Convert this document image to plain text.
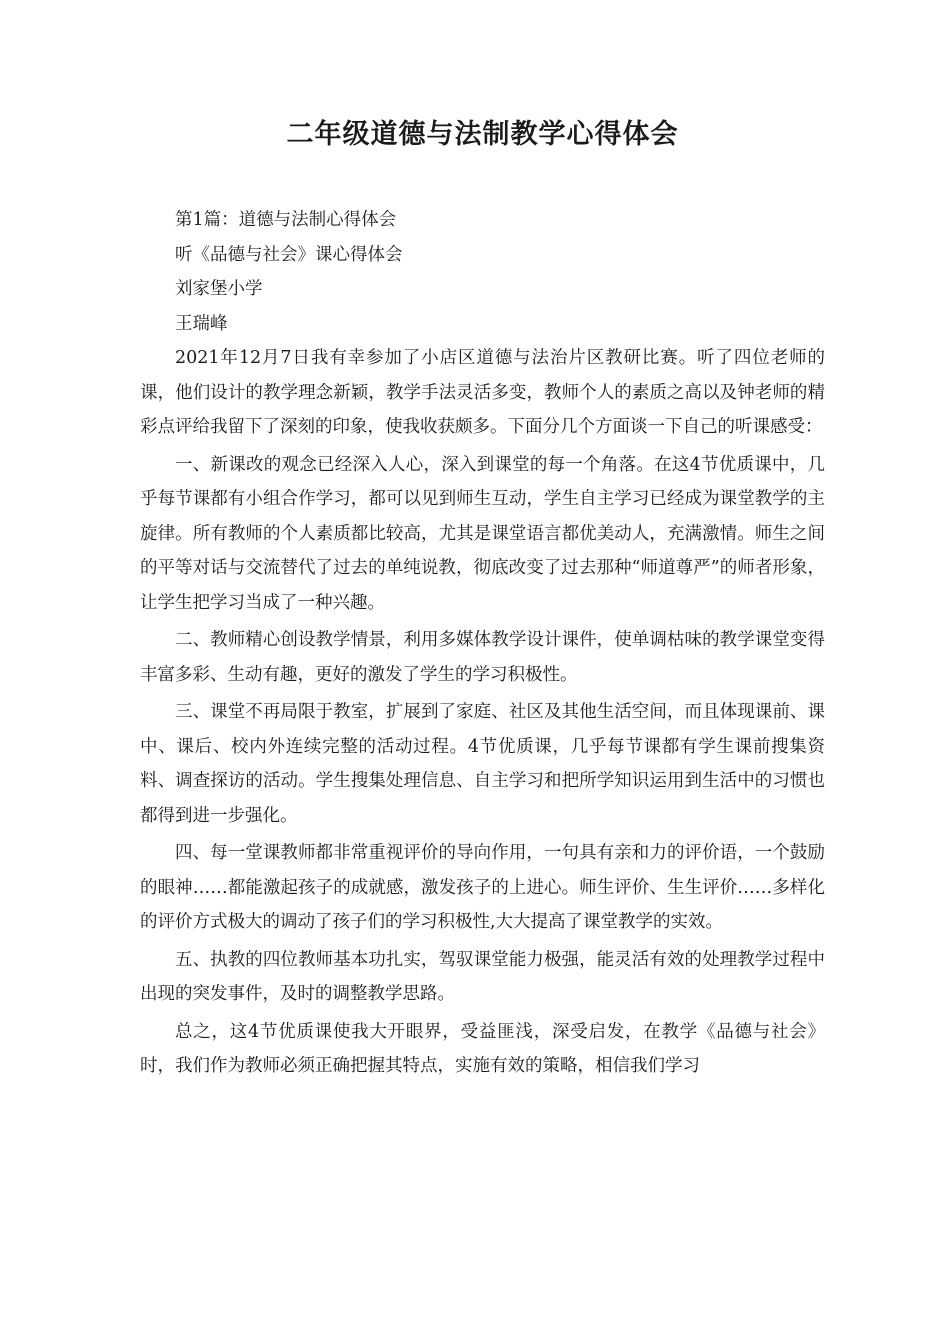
二年级道德与法制教学心得体会

第1篇：道德与法制心得体会

听《品德与社会》课心得体会

刘家堡小学

王瑞峰

2021年12月7日我有幸参加了小店区道德与法治片区教研比赛。听了四位老师的课，他们设计的教学理念新颖，教学手法灵活多变，教师个人的素质之高以及钟老师的精彩点评给我留下了深刻的印象，使我收获颇多。下面分几个方面谈一下自己的听课感受：

一、新课改的观念已经深入人心，深入到课堂的每一个角落。在这4节优质课中，几乎每节课都有小组合作学习，都可以见到师生互动，学生自主学习已经成为课堂教学的主旋律。所有教师的个人素质都比较高，尤其是课堂语言都优美动人，充满激情。师生之间的平等对话与交流替代了过去的单纯说教，彻底改变了过去那种“师道尊严”的师者形象，让学生把学习当成了一种兴趣。

二、教师精心创设教学情景，利用多媒体教学设计课件，使单调枯味的教学课堂变得丰富多彩、生动有趣，更好的激发了学生的学习积极性。

三、课堂不再局限于教室，扩展到了家庭、社区及其他生活空间，而且体现课前、课中、课后、校内外连续完整的活动过程。4节优质课，几乎每节课都有学生课前搜集资料、调查探访的活动。学生搜集处理信息、自主学习和把所学知识运用到生活中的习惯也都得到进一步强化。

四、每一堂课教师都非常重视评价的导向作用，一句具有亲和力的评价语，一个鼓励的眼神……都能激起孩子的成就感，激发孩子的上进心。师生评价、生生评价……多样化的评价方式极大的调动了孩子们的学习积极性,大大提高了课堂教学的实效。

五、执教的四位教师基本功扎实，驾驭课堂能力极强，能灵活有效的处理教学过程中出现的突发事件，及时的调整教学思路。

总之，这4节优质课使我大开眼界，受益匪浅，深受启发，在教学《品德与社会》时，我们作为教师必须正确把握其特点，实施有效的策略，相信我们学习
